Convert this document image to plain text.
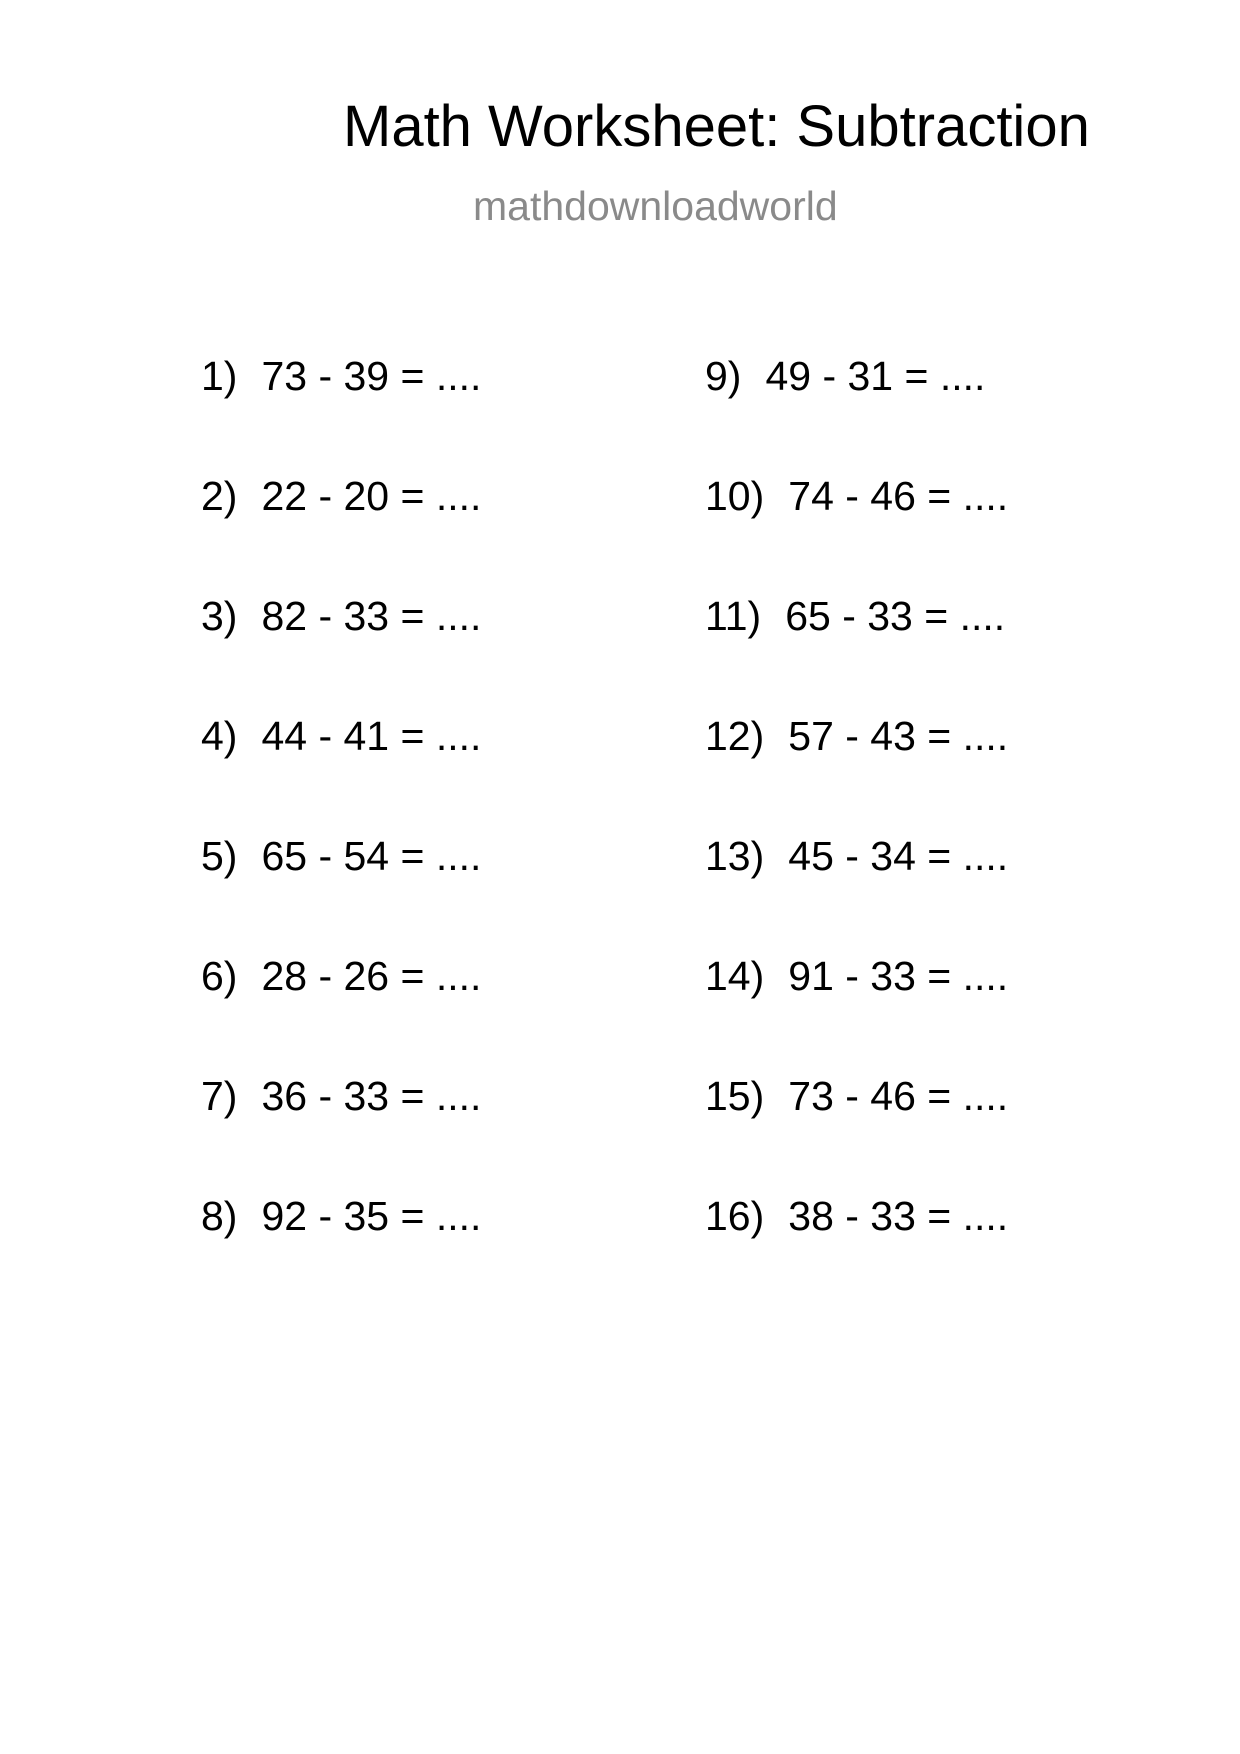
Math Worksheet: Subtraction
mathdownloadworld
1) 73 - 39 = ....
2) 22 - 20 = ....
3) 82 - 33 = ....
4) 44 - 41 = ....
5) 65 - 54 = ....
6) 28 - 26 = ....
7) 36 - 33 = ....
8) 92 - 35 = ....
9) 49 - 31 = ....
10) 74 - 46 = ....
11) 65 - 33 = ....
12) 57 - 43 = ....
13) 45 - 34 = ....
14) 91 - 33 = ....
15) 73 - 46 = ....
16) 38 - 33 = ....
